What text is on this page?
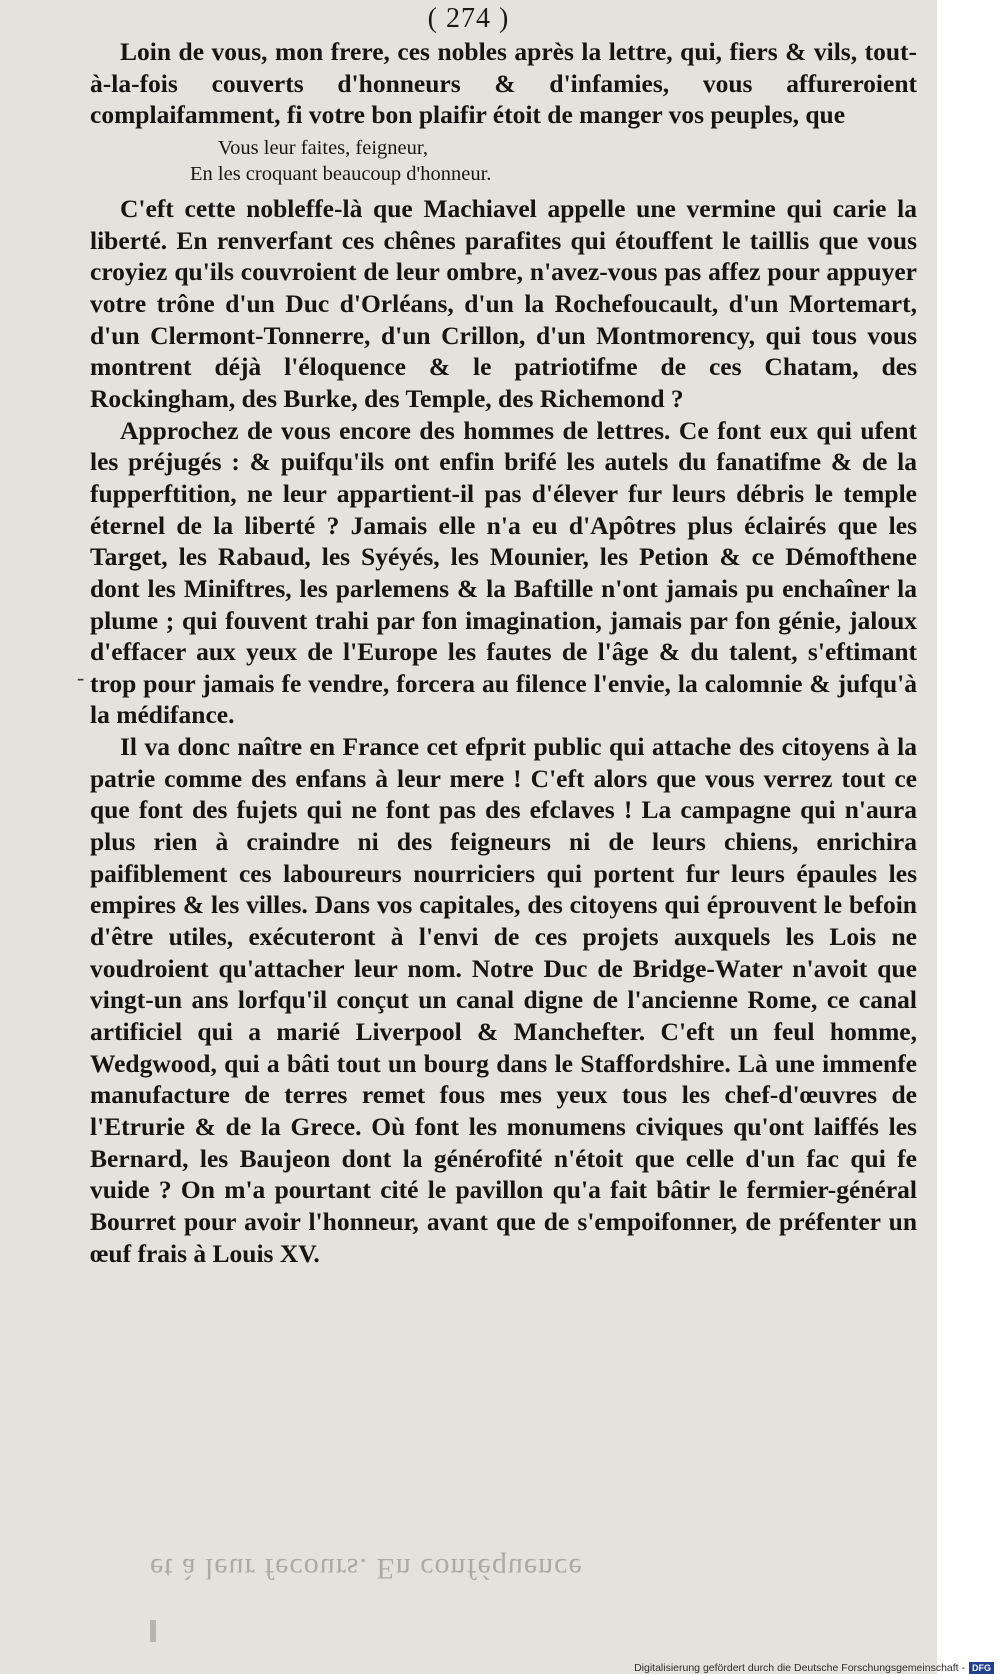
et à leur fecours. En conféquence
( 274 )

Loin de vous, mon frere, ces nobles après la lettre, qui, fiers & vils, tout-à-la-fois couverts d'honneurs & d'infamies, vous affureroient complaifamment, fi votre bon plaifir étoit de manger vos peuples, que

Vous leur faites, feigneur,

En les croquant beaucoup d'honneur.

C'eft cette nobleffe-là que Machiavel appelle une vermine qui carie la liberté. En renverfant ces chênes parafites qui étouffent le taillis que vous croyiez qu'ils couvroient de leur ombre, n'avez-vous pas affez pour appuyer votre trône d'un Duc d'Orléans, d'un la Rochefoucault, d'un Mortemart, d'un Clermont-Tonnerre, d'un Crillon, d'un Montmorency, qui tous vous montrent déjà l'éloquence & le patriotifme de ces Chatam, des Rockingham, des Burke, des Temple, des Richemond ?

Approchez de vous encore des hommes de lettres. Ce font eux qui ufent les préjugés : & puifqu'ils ont enfin brifé les autels du fanatifme & de la fupperftition, ne leur appartient-il pas d'élever fur leurs débris le temple éternel de la liberté ? Jamais elle n'a eu d'Apôtres plus éclairés que les Target, les Rabaud, les Syéyés, les Mounier, les Petion & ce Démofthene dont les Miniftres, les parlemens & la Baftille n'ont jamais pu enchaîner la plume ; qui fouvent trahi par fon imagination, jamais par fon génie, jaloux d'effacer aux yeux de l'Europe les fautes de l'âge & du talent, s'eftimant trop pour jamais fe vendre, forcera au filence l'envie, la calomnie & jufqu'à la médifance.

Il va donc naître en France cet efprit public qui attache des citoyens à la patrie comme des enfans à leur mere ! C'eft alors que vous verrez tout ce que font des fujets qui ne font pas des efclaves ! La campagne qui n'aura plus rien à craindre ni des feigneurs ni de leurs chiens, enrichira paifiblement ces laboureurs nourriciers qui portent fur leurs épaules les empires & les villes. Dans vos capitales, des citoyens qui éprouvent le befoin d'être utiles, exécuteront à l'envi de ces projets auxquels les Lois ne voudroient qu'attacher leur nom. Notre Duc de Bridge-Water n'avoit que vingt-un ans lorfqu'il conçut un canal digne de l'ancienne Rome, ce canal artificiel qui a marié Liverpool & Manchefter. C'eft un feul homme, Wedgwood, qui a bâti tout un bourg dans le Staffordshire. Là une immenfe manufacture de terres remet fous mes yeux tous les chef-d'œuvres de l'Etrurie & de la Grece. Où font les monumens civiques qu'ont laiffés les Bernard, les Baujeon dont la générofité n'étoit que celle d'un fac qui fe vuide ? On m'a pourtant cité le pavillon qu'a fait bâtir le fermier-général Bourret pour avoir l'honneur, avant que de s'empoifonner, de préfenter un œuf frais à Louis XV.

-
Digitalisierung gefördert durch die Deutsche Forschungsgemeinschaft - DFG
